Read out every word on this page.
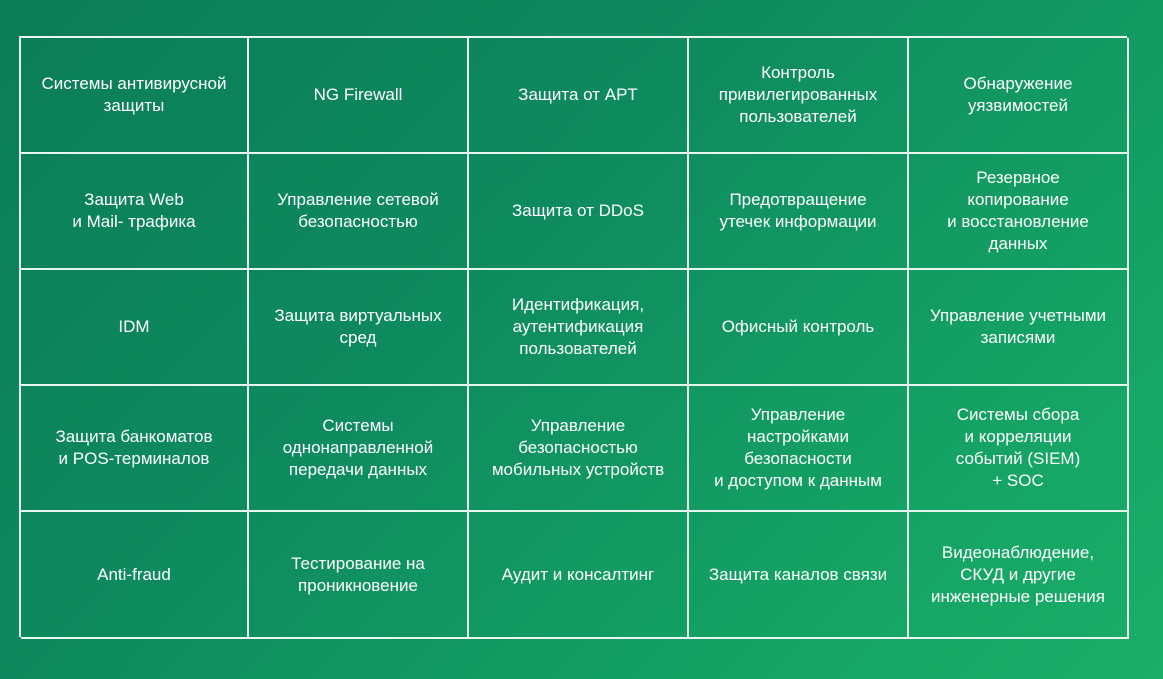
Системы антивирусной
защиты
NG Firewall	Защита от APT
Контроль
привилегированных
пользователей
Обнаружение
уязвимостей
Защита Web
и Mail- трафика
Управление сетевой
безопасностью
Защита от DDoS
Предотвращение
утечек информации
Резервное
копирование
и восстановление
данных
IDM
Защита виртуальных
сред
Идентификация,
аутентификация
пользователей
Офисный контроль
Управление учетными
записями
Защита банкоматов
и POS-терминалов
Системы
однонаправленной
передачи данных
Управление
безопасностью
мобильных устройств
Управление
настройками
безопасности
и доступом к данным
Системы сбора
и корреляции
событий (SIEM)
+ SOC
Anti-fraud
Тестирование на
проникновение
Аудит и консалтинг	Защита каналов связи
Видеонаблюдение,
СКУД и другие
инженерные решения
